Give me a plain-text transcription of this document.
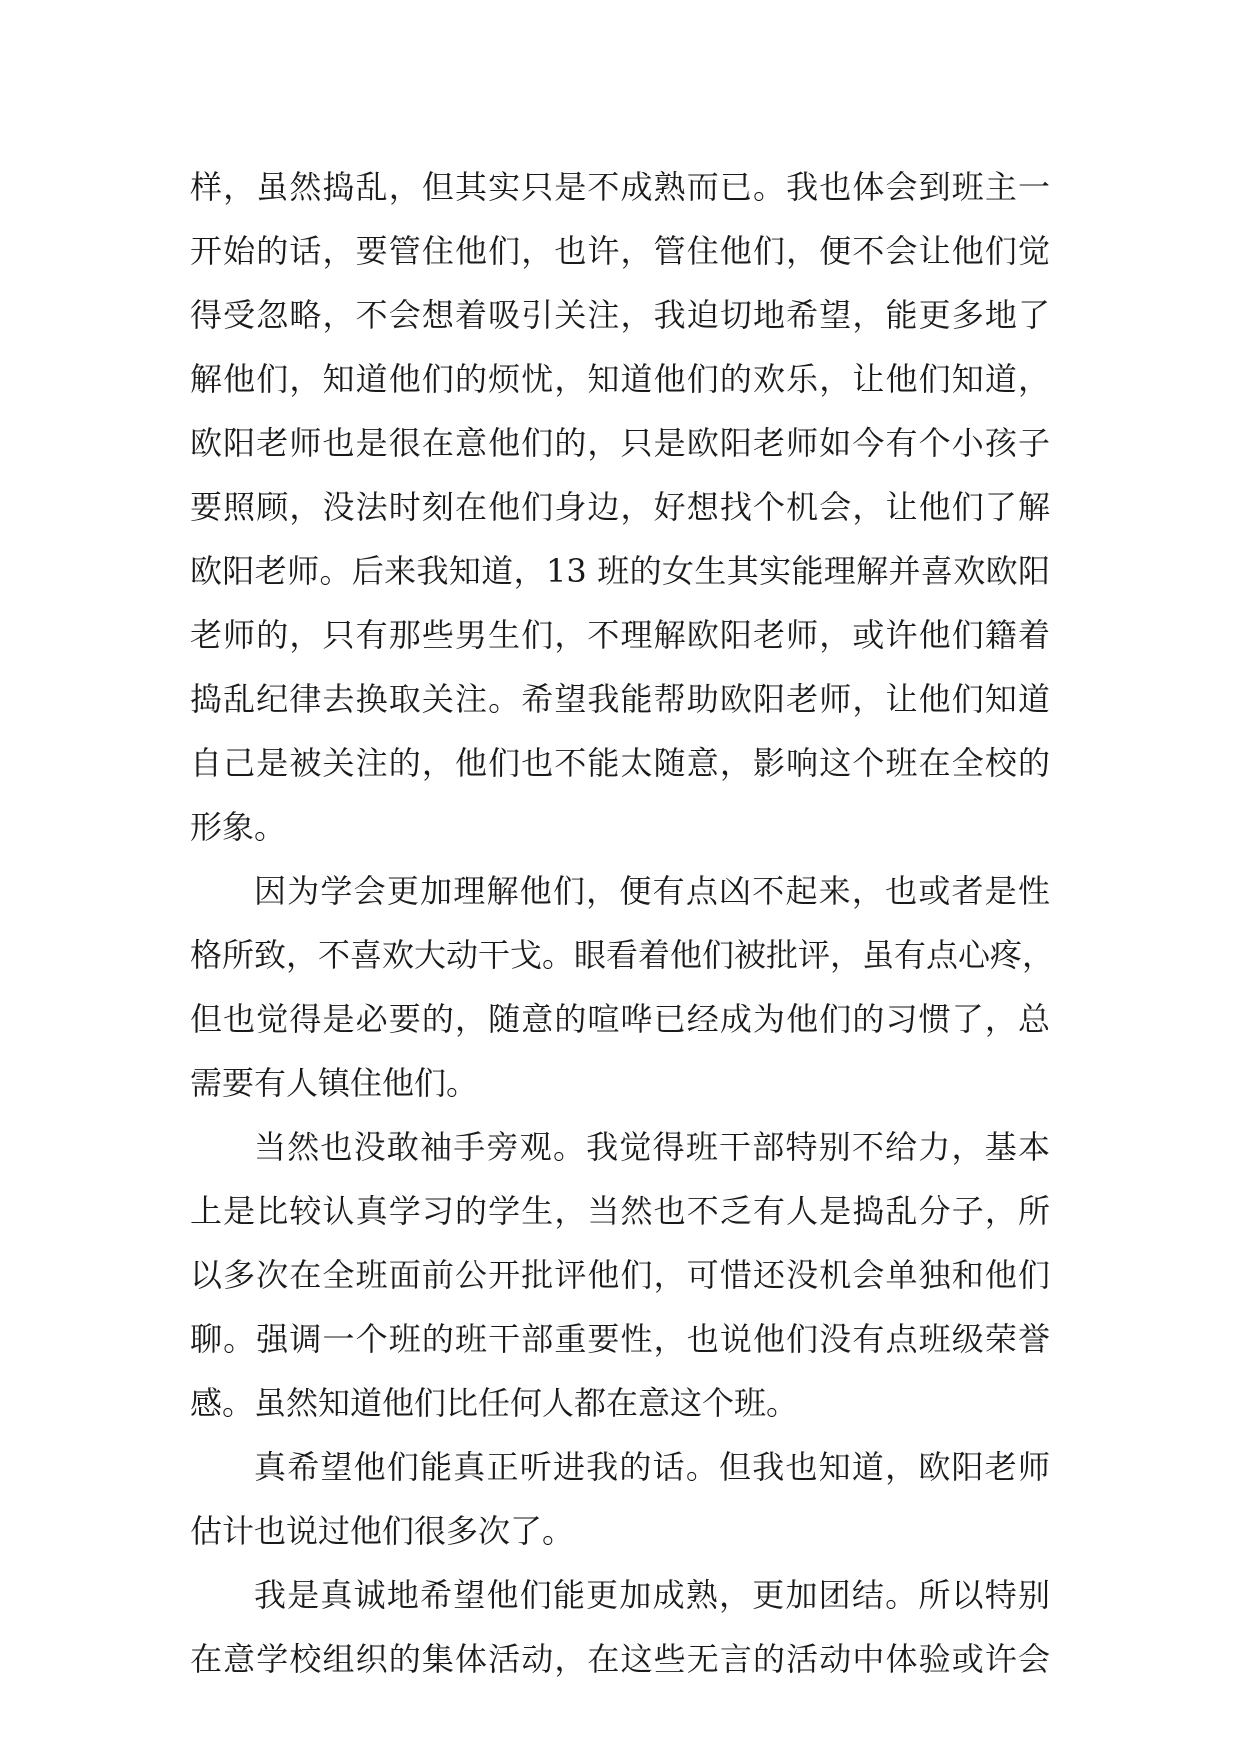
样，虽然捣乱，但其实只是不成熟而已。我也体会到班主一
开始的话，要管住他们，也许，管住他们，便不会让他们觉
得受忽略，不会想着吸引关注，我迫切地希望，能更多地了
解他们，知道他们的烦忧，知道他们的欢乐，让他们知道，
欧阳老师也是很在意他们的，只是欧阳老师如今有个小孩子
要照顾，没法时刻在他们身边，好想找个机会，让他们了解
欧阳老师。后来我知道，13 班的女生其实能理解并喜欢欧阳
老师的，只有那些男生们，不理解欧阳老师，或许他们籍着
捣乱纪律去换取关注。希望我能帮助欧阳老师，让他们知道
自己是被关注的，他们也不能太随意，影响这个班在全校的
形象。
因为学会更加理解他们，便有点凶不起来，也或者是性
格所致，不喜欢大动干戈。眼看着他们被批评，虽有点心疼，
但也觉得是必要的，随意的喧哗已经成为他们的习惯了，总
需要有人镇住他们。
当然也没敢袖手旁观。我觉得班干部特别不给力，基本
上是比较认真学习的学生，当然也不乏有人是捣乱分子，所
以多次在全班面前公开批评他们，可惜还没机会单独和他们
聊。强调一个班的班干部重要性，也说他们没有点班级荣誉
感。虽然知道他们比任何人都在意这个班。
真希望他们能真正听进我的话。但我也知道，欧阳老师
估计也说过他们很多次了。
我是真诚地希望他们能更加成熟，更加团结。所以特别
在意学校组织的集体活动，在这些无言的活动中体验或许会
